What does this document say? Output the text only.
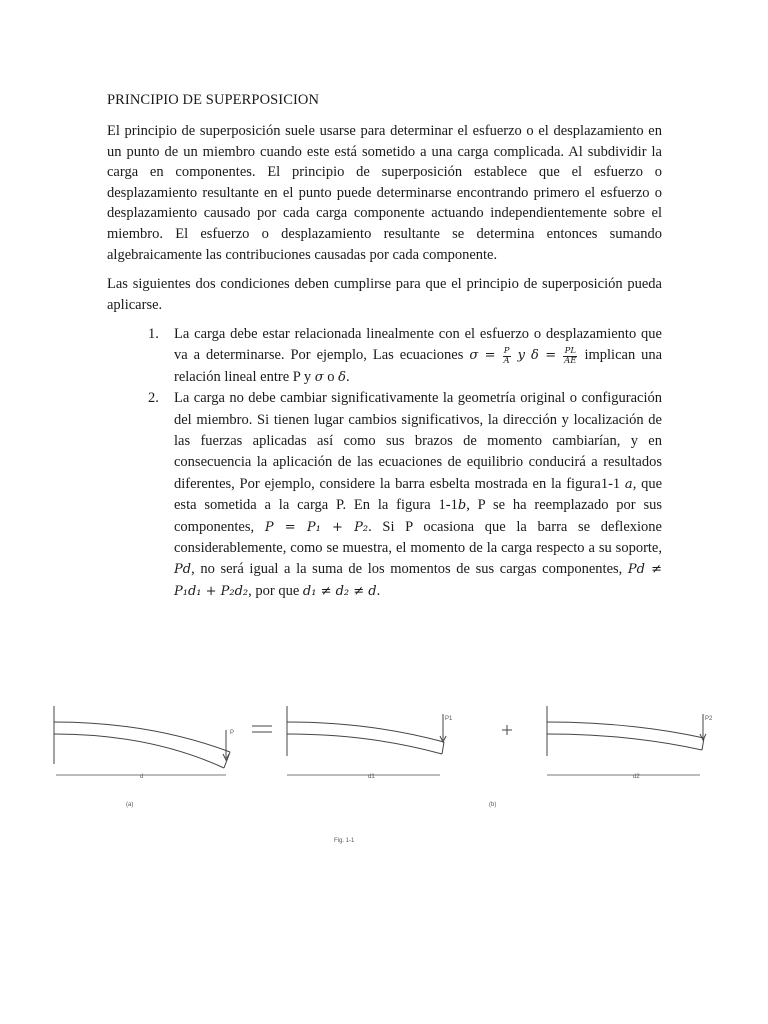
PRINCIPIO DE SUPERPOSICION

El principio de superposición suele usarse para determinar el esfuerzo o el desplazamiento en un punto de un miembro cuando este está sometido a una carga complicada. Al subdividir la carga en componentes. El principio de superposición establece que el esfuerzo o desplazamiento resultante en el punto puede determinarse encontrando primero el esfuerzo o desplazamiento causado por cada carga componente actuando independientemente sobre el miembro. El esfuerzo o desplazamiento resultante se determina entonces sumando algebraicamente las contribuciones causadas por cada componente.

Las siguientes dos condiciones deben cumplirse para que el principio de superposición pueda aplicarse.

1. La carga debe estar relacionada linealmente con el esfuerzo o desplazamiento que va a determinarse. Por ejemplo, Las ecuaciones $\sigma = \frac{P}{A}$ y $\delta = \frac{PL}{AE}$ implican una relación lineal entre P y σ o δ.
2. La carga no debe cambiar significativamente la geometría original o configuración del miembro. Si tienen lugar cambios significativos, la dirección y localización de las fuerzas aplicadas así como sus brazos de momento cambiarían, y en consecuencia la aplicación de las ecuaciones de equilibrio conducirá a resultados diferentes, Por ejemplo, considere la barra esbelta mostrada en la figura1-1 a, que esta sometida a la carga P. En la figura 1-1b, P se ha reemplazado por sus componentes, P = P₁ + P₂. Si P ocasiona que la barra se deflexione considerablemente, como se muestra, el momento de la carga respecto a su soporte, Pd, no será igual a la suma de los momentos de sus cargas componentes, Pd ≠ P₁d₁ + P₂d₂, por que d₁ ≠ d₂ ≠ d.
P
P1	P2
d	d1	d2
(a)	(b)
Fig. 1-1
